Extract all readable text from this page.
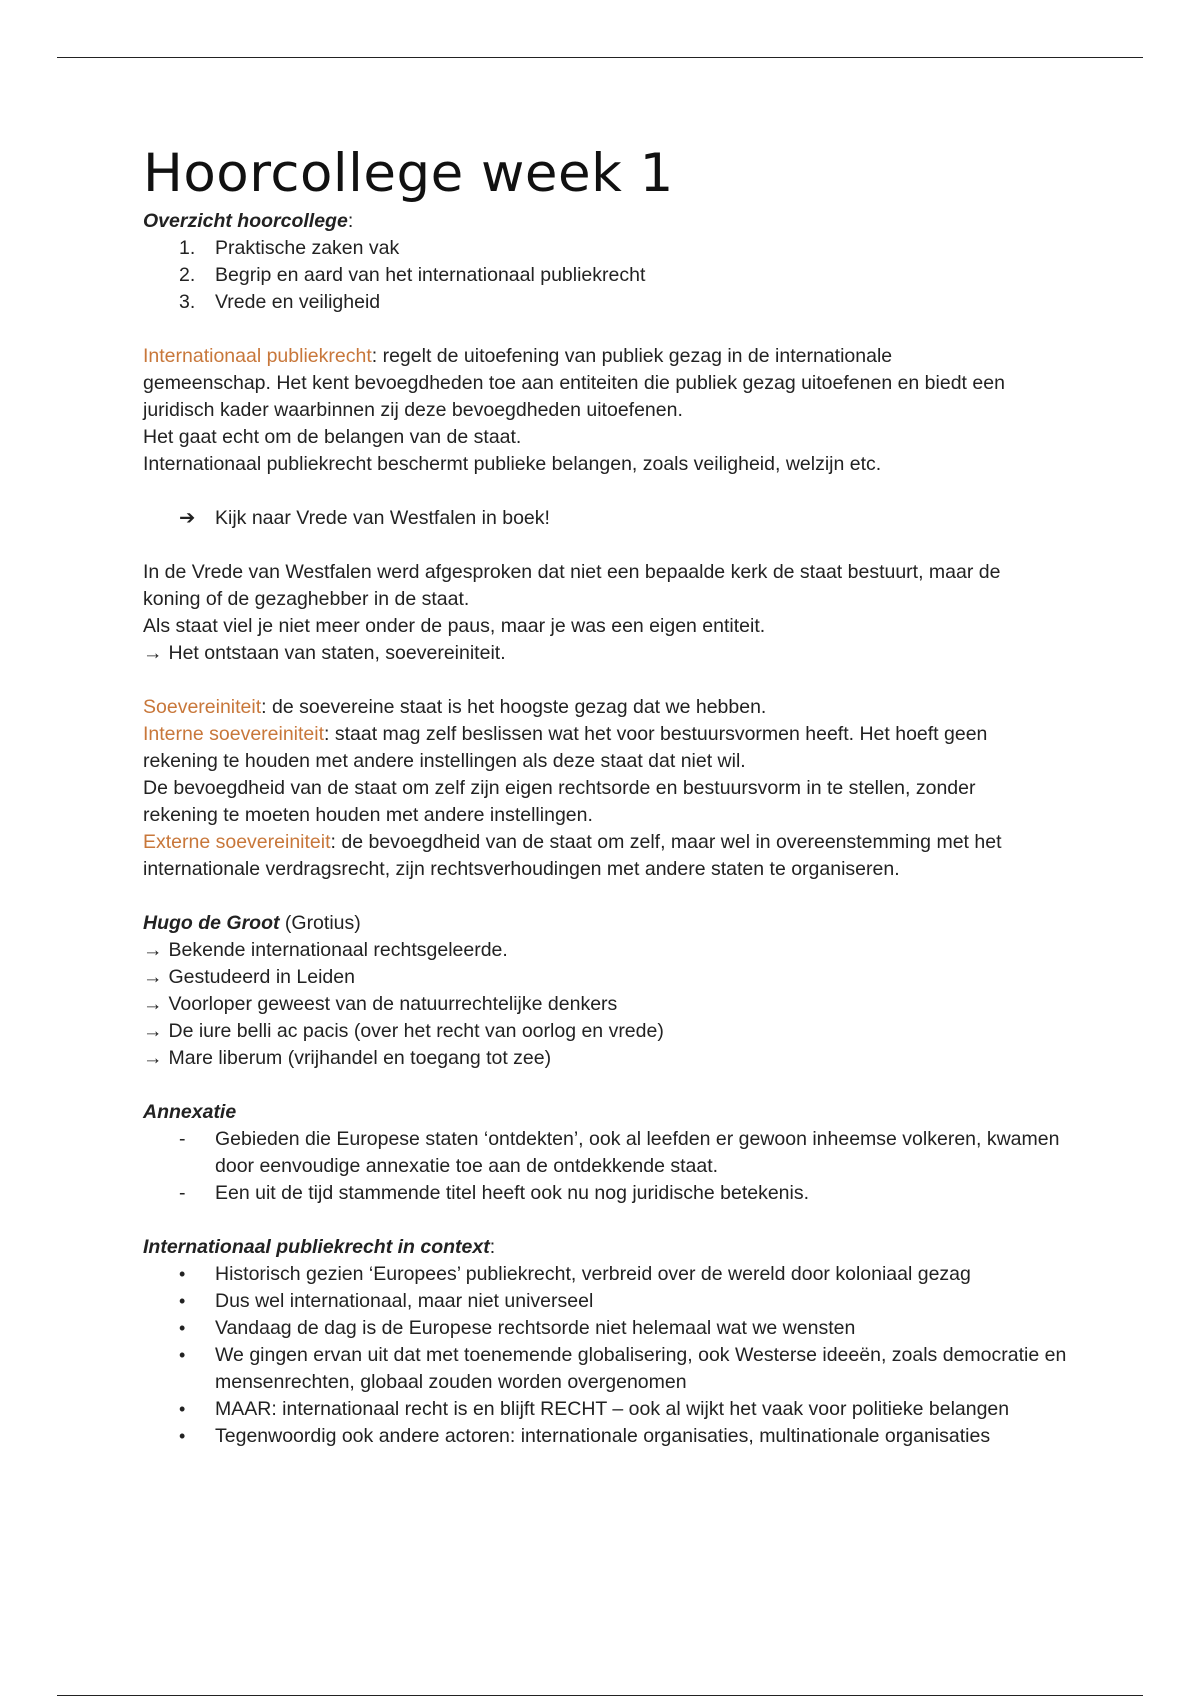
Hoorcollege week 1
Overzicht hoorcollege:
1.	Praktische zaken vak
2.	Begrip en aard van het internationaal publiekrecht
3.	Vrede en veiligheid
Internationaal publiekrecht: regelt de uitoefening van publiek gezag in de internationale
gemeenschap. Het kent bevoegdheden toe aan entiteiten die publiek gezag uitoefenen en biedt een
juridisch kader waarbinnen zij deze bevoegdheden uitoefenen.
Het gaat echt om de belangen van de staat.
Internationaal publiekrecht beschermt publieke belangen, zoals veiligheid, welzijn etc.
➔	Kijk naar Vrede van Westfalen in boek!
In de Vrede van Westfalen werd afgesproken dat niet een bepaalde kerk de staat bestuurt, maar de
koning of de gezaghebber in de staat.
Als staat viel je niet meer onder de paus, maar je was een eigen entiteit.
→ Het ontstaan van staten, soevereiniteit.
Soevereiniteit: de soevereine staat is het hoogste gezag dat we hebben.
Interne soevereiniteit: staat mag zelf beslissen wat het voor bestuursvormen heeft. Het hoeft geen
rekening te houden met andere instellingen als deze staat dat niet wil.
De bevoegdheid van de staat om zelf zijn eigen rechtsorde en bestuursvorm in te stellen, zonder
rekening te moeten houden met andere instellingen.
Externe soevereiniteit: de bevoegdheid van de staat om zelf, maar wel in overeenstemming met het
internationale verdragsrecht, zijn rechtsverhoudingen met andere staten te organiseren.
Hugo de Groot (Grotius)
→ Bekende internationaal rechtsgeleerde.
→ Gestudeerd in Leiden
→ Voorloper geweest van de natuurrechtelijke denkers
→ De iure belli ac pacis (over het recht van oorlog en vrede)
→ Mare liberum (vrijhandel en toegang tot zee)
Annexatie
-	Gebieden die Europese staten ‘ontdekten’, ook al leefden er gewoon inheemse volkeren, kwamen door eenvoudige annexatie toe aan de ontdekkende staat.
-	Een uit de tijd stammende titel heeft ook nu nog juridische betekenis.
Internationaal publiekrecht in context:
•	Historisch gezien ‘Europees’ publiekrecht, verbreid over de wereld door koloniaal gezag
•	Dus wel internationaal, maar niet universeel
•	Vandaag de dag is de Europese rechtsorde niet helemaal wat we wensten
•	We gingen ervan uit dat met toenemende globalisering, ook Westerse ideeën, zoals democratie en mensenrechten, globaal zouden worden overgenomen
•	MAAR: internationaal recht is en blijft RECHT – ook al wijkt het vaak voor politieke belangen
•	Tegenwoordig ook andere actoren: internationale organisaties, multinationale organisaties
